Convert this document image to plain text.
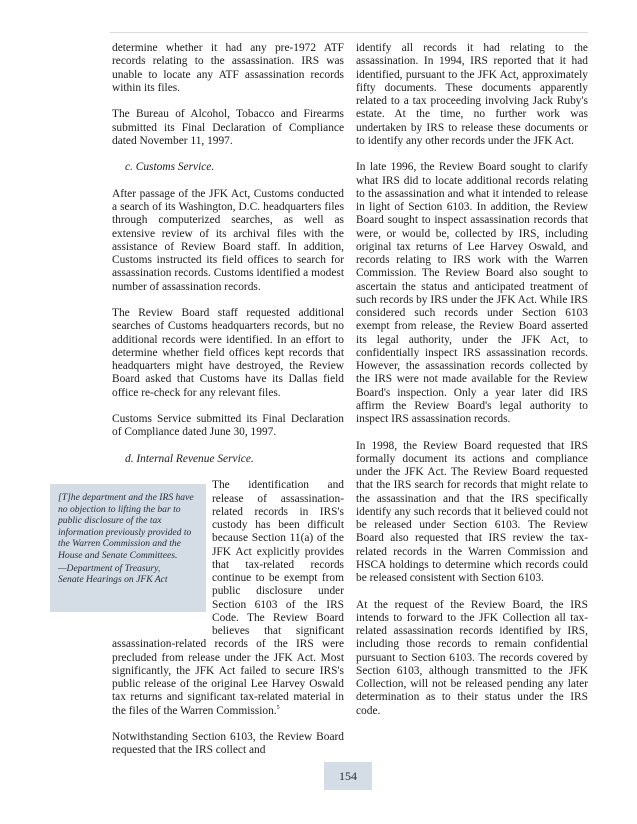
determine whether it had any pre-1972 ATF records relating to the assassination. IRS was unable to locate any ATF assassination records within its files.

The Bureau of Alcohol, Tobacco and Firearms submitted its Final Declaration of Compliance dated November 11, 1997.

c. Customs Service.

After passage of the JFK Act, Customs conducted a search of its Washington, D.C. headquarters files through computerized searches, as well as extensive review of its archival files with the assistance of Review Board staff. In addition, Customs instructed its field offices to search for assassination records. Customs identified a modest number of assassination records.

The Review Board staff requested additional searches of Customs headquarters records, but no additional records were identified. In an effort to determine whether field offices kept records that headquarters might have destroyed, the Review Board asked that Customs have its Dallas field office re-check for any relevant files.

Customs Service submitted its Final Declaration of Compliance dated June 30, 1997.

d. Internal Revenue Service.

The identification and release of assassination-related records in IRS's custody has been difficult because Section 11(a) of the JFK Act explicitly provides that tax-related records continue to be exempt from public disclosure under Section 6103 of the IRS Code. The Review Board believes that significant assassination-related records of the IRS were precluded from release under the JFK Act. Most significantly, the JFK Act failed to secure IRS's public release of the original Lee Harvey Oswald tax returns and significant tax-related material in the files of the Warren Commission.$^5$

Notwithstanding Section 6103, the Review Board requested that the IRS collect and

[T]he department and the IRS have no objection to lifting the bar to public disclosure of the tax information previously provided to the Warren Commission and the House and Senate Committees.
—Department of Treasury,
Senate Hearings on JFK Act

identify all records it had relating to the assassination. In 1994, IRS reported that it had identified, pursuant to the JFK Act, approximately fifty documents. These documents apparently related to a tax proceeding involving Jack Ruby's estate. At the time, no further work was undertaken by IRS to release these documents or to identify any other records under the JFK Act.

In late 1996, the Review Board sought to clarify what IRS did to locate additional records relating to the assassination and what it intended to release in light of Section 6103. In addition, the Review Board sought to inspect assassination records that were, or would be, collected by IRS, including original tax returns of Lee Harvey Oswald, and records relating to IRS work with the Warren Commission. The Review Board also sought to ascertain the status and anticipated treatment of such records by IRS under the JFK Act. While IRS considered such records under Section 6103 exempt from release, the Review Board asserted its legal authority, under the JFK Act, to confidentially inspect IRS assassination records. However, the assassination records collected by the IRS were not made available for the Review Board's inspection. Only a year later did IRS affirm the Review Board's legal authority to inspect IRS assassination records.

In 1998, the Review Board requested that IRS formally document its actions and compliance under the JFK Act. The Review Board requested that the IRS search for records that might relate to the assassination and that the IRS specifically identify any such records that it believed could not be released under Section 6103. The Review Board also requested that IRS review the tax-related records in the Warren Commission and HSCA holdings to determine which records could be released consistent with Section 6103.

At the request of the Review Board, the IRS intends to forward to the JFK Collection all tax-related assassination records identified by IRS, including those records to remain confidential pursuant to Section 6103. The records covered by Section 6103, although transmitted to the JFK Collection, will not be released pending any later determination as to their status under the IRS code.

154
